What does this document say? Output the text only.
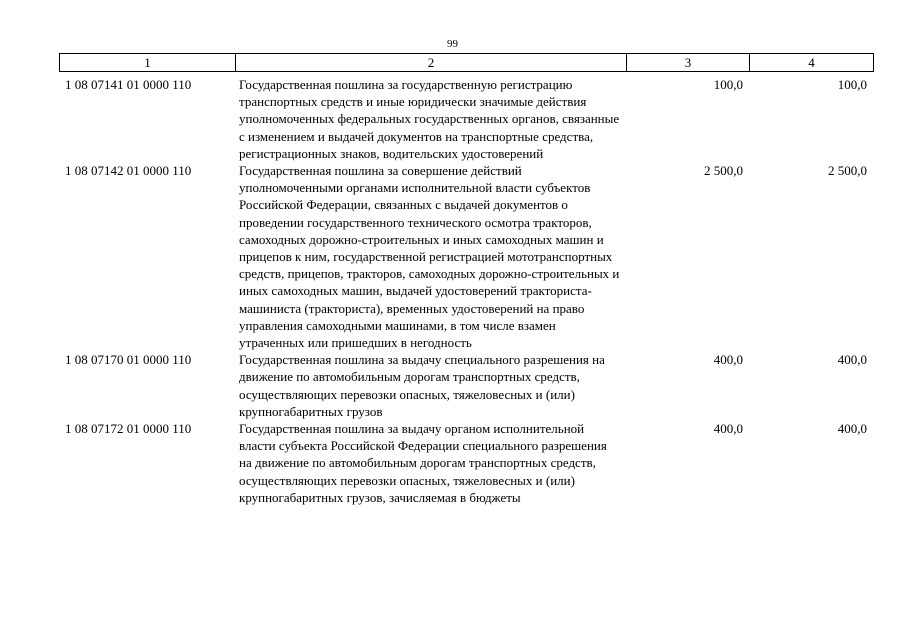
99
1	2	3	4
1 08 07141 01 0000 110	Государственная пошлина за государственную регистрацию транспортных средств и иные юридически значимые действия уполномоченных федеральных государственных органов, связанные с изменением и выдачей документов на транспортные средства, регистрационных знаков, водительских удостоверений	100,0	100,0
1 08 07142 01 0000 110	Государственная пошлина за совершение действий уполномоченными органами исполнительной власти субъектов Российской Федерации, связанных с выдачей документов о проведении государственного технического осмотра тракторов, самоходных дорожно-строительных и иных самоходных машин и прицепов к ним, государственной регистрацией мототранспортных средств, прицепов, тракторов, самоходных дорожно-строительных и иных самоходных машин, выдачей удостоверений тракториста-машиниста (тракториста), временных удостоверений на право управления самоходными машинами, в том числе взамен утраченных или пришедших в негодность	2 500,0	2 500,0
1 08 07170 01 0000 110	Государственная пошлина за выдачу специального разрешения на движение по автомобильным дорогам транспортных средств, осуществляющих перевозки опасных, тяжеловесных и (или) крупногабаритных грузов	400,0	400,0
1 08 07172 01 0000 110	Государственная пошлина за выдачу органом исполнительной власти субъекта Российской Федерации специального разрешения на движение по автомобильным дорогам транспортных средств, осуществляющих перевозки опасных, тяжеловесных и (или) крупногабаритных грузов, зачисляемая в бюджеты	400,0	400,0
